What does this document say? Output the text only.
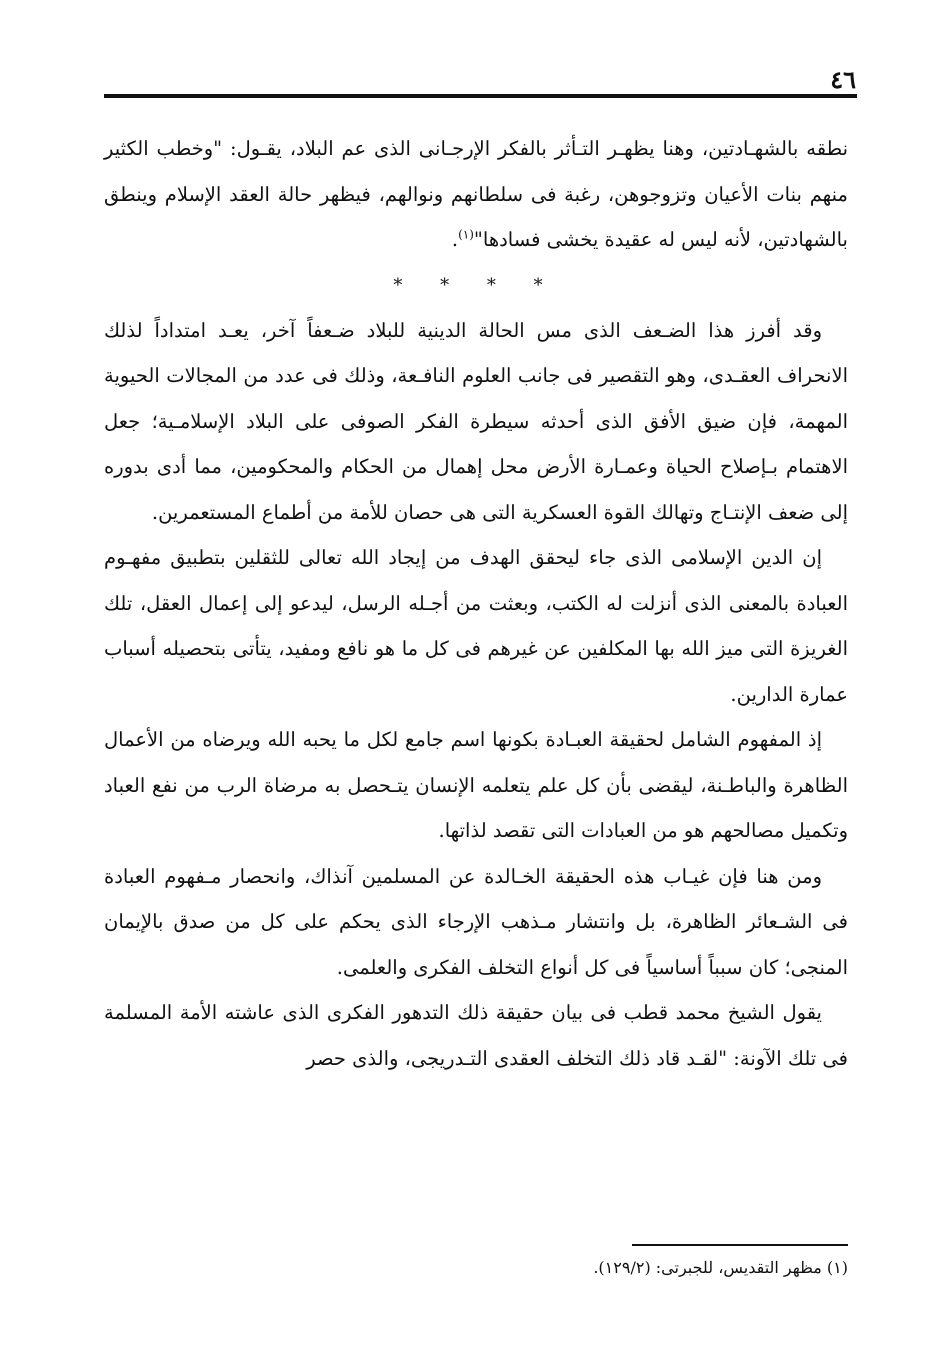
٤٦

نطقه بالشهـادتين، وهنا يظهـر التـأثر بالفكر الإرجـانى الذى عم البلاد، يقـول: "وخطب الكثير منهم بنات الأعيان وتزوجوهن، رغبة فى سلطانهم ونوالهم، فيظهر حالة العقد الإسلام وينطق بالشهادتين، لأنه ليس له عقيدة يخشى فسادها"$^{(١)}$.

* * * *

وقد أفرز هذا الضـعف الذى مس الحالة الدينية للبلاد ضـعفاً آخر، يعـد امتداداً لذلك الانحراف العقـدى، وهو التقصير فى جانب العلوم النافـعة، وذلك فى عدد من المجالات الحيوية المهمة، فإن ضيق الأفق الذى أحدثه سيطرة الفكر الصوفى على البلاد الإسلامـية؛ جعل الاهتمام بـإصلاح الحياة وعمـارة الأرض محل إهمال من الحكام والمحكومين، مما أدى بدوره إلى ضعف الإنتـاج وتهالك القوة العسكرية التى هى حصان للأمة من أطماع المستعمرين.

إن الدين الإسلامى الذى جاء ليحقق الهدف من إيجاد الله تعالى للثقلين بتطبيق مفهـوم العبادة بالمعنى الذى أنزلت له الكتب، وبعثت من أجـله الرسل، ليدعو إلى إعمال العقل، تلك الغريزة التى ميز الله بها المكلفين عن غيرهم فى كل ما هو نافع ومفيد، يتأتى بتحصيله أسباب عمارة الدارين.

إذ المفهوم الشامل لحقيقة العبـادة بكونها اسم جامع لكل ما يحبه الله ويرضاه من الأعمال الظاهرة والباطـنة، ليقضى بأن كل علم يتعلمه الإنسان يتـحصل به مرضاة الرب من نفع العباد وتكميل مصالحهم هو من العبادات التى تقصد لذاتها.

ومن هنا فإن غيـاب هذه الحقيقة الخـالدة عن المسلمين آنذاك، وانحصار مـفهوم العبادة فى الشـعائر الظاهرة، بل وانتشار مـذهب الإرجاء الذى يحكم على كل من صدق بالإيمان المنجى؛ كان سبباً أساسياً فى كل أنواع التخلف الفكرى والعلمى.

يقول الشيخ محمد قطب فى بيان حقيقة ذلك التدهور الفكرى الذى عاشته الأمة المسلمة فى تلك الآونة: "لقـد قاد ذلك التخلف العقدى التـدريجى، والذى حصر

(١) مظهر التقديس، للجبرتى: (١٢٩/٢).
